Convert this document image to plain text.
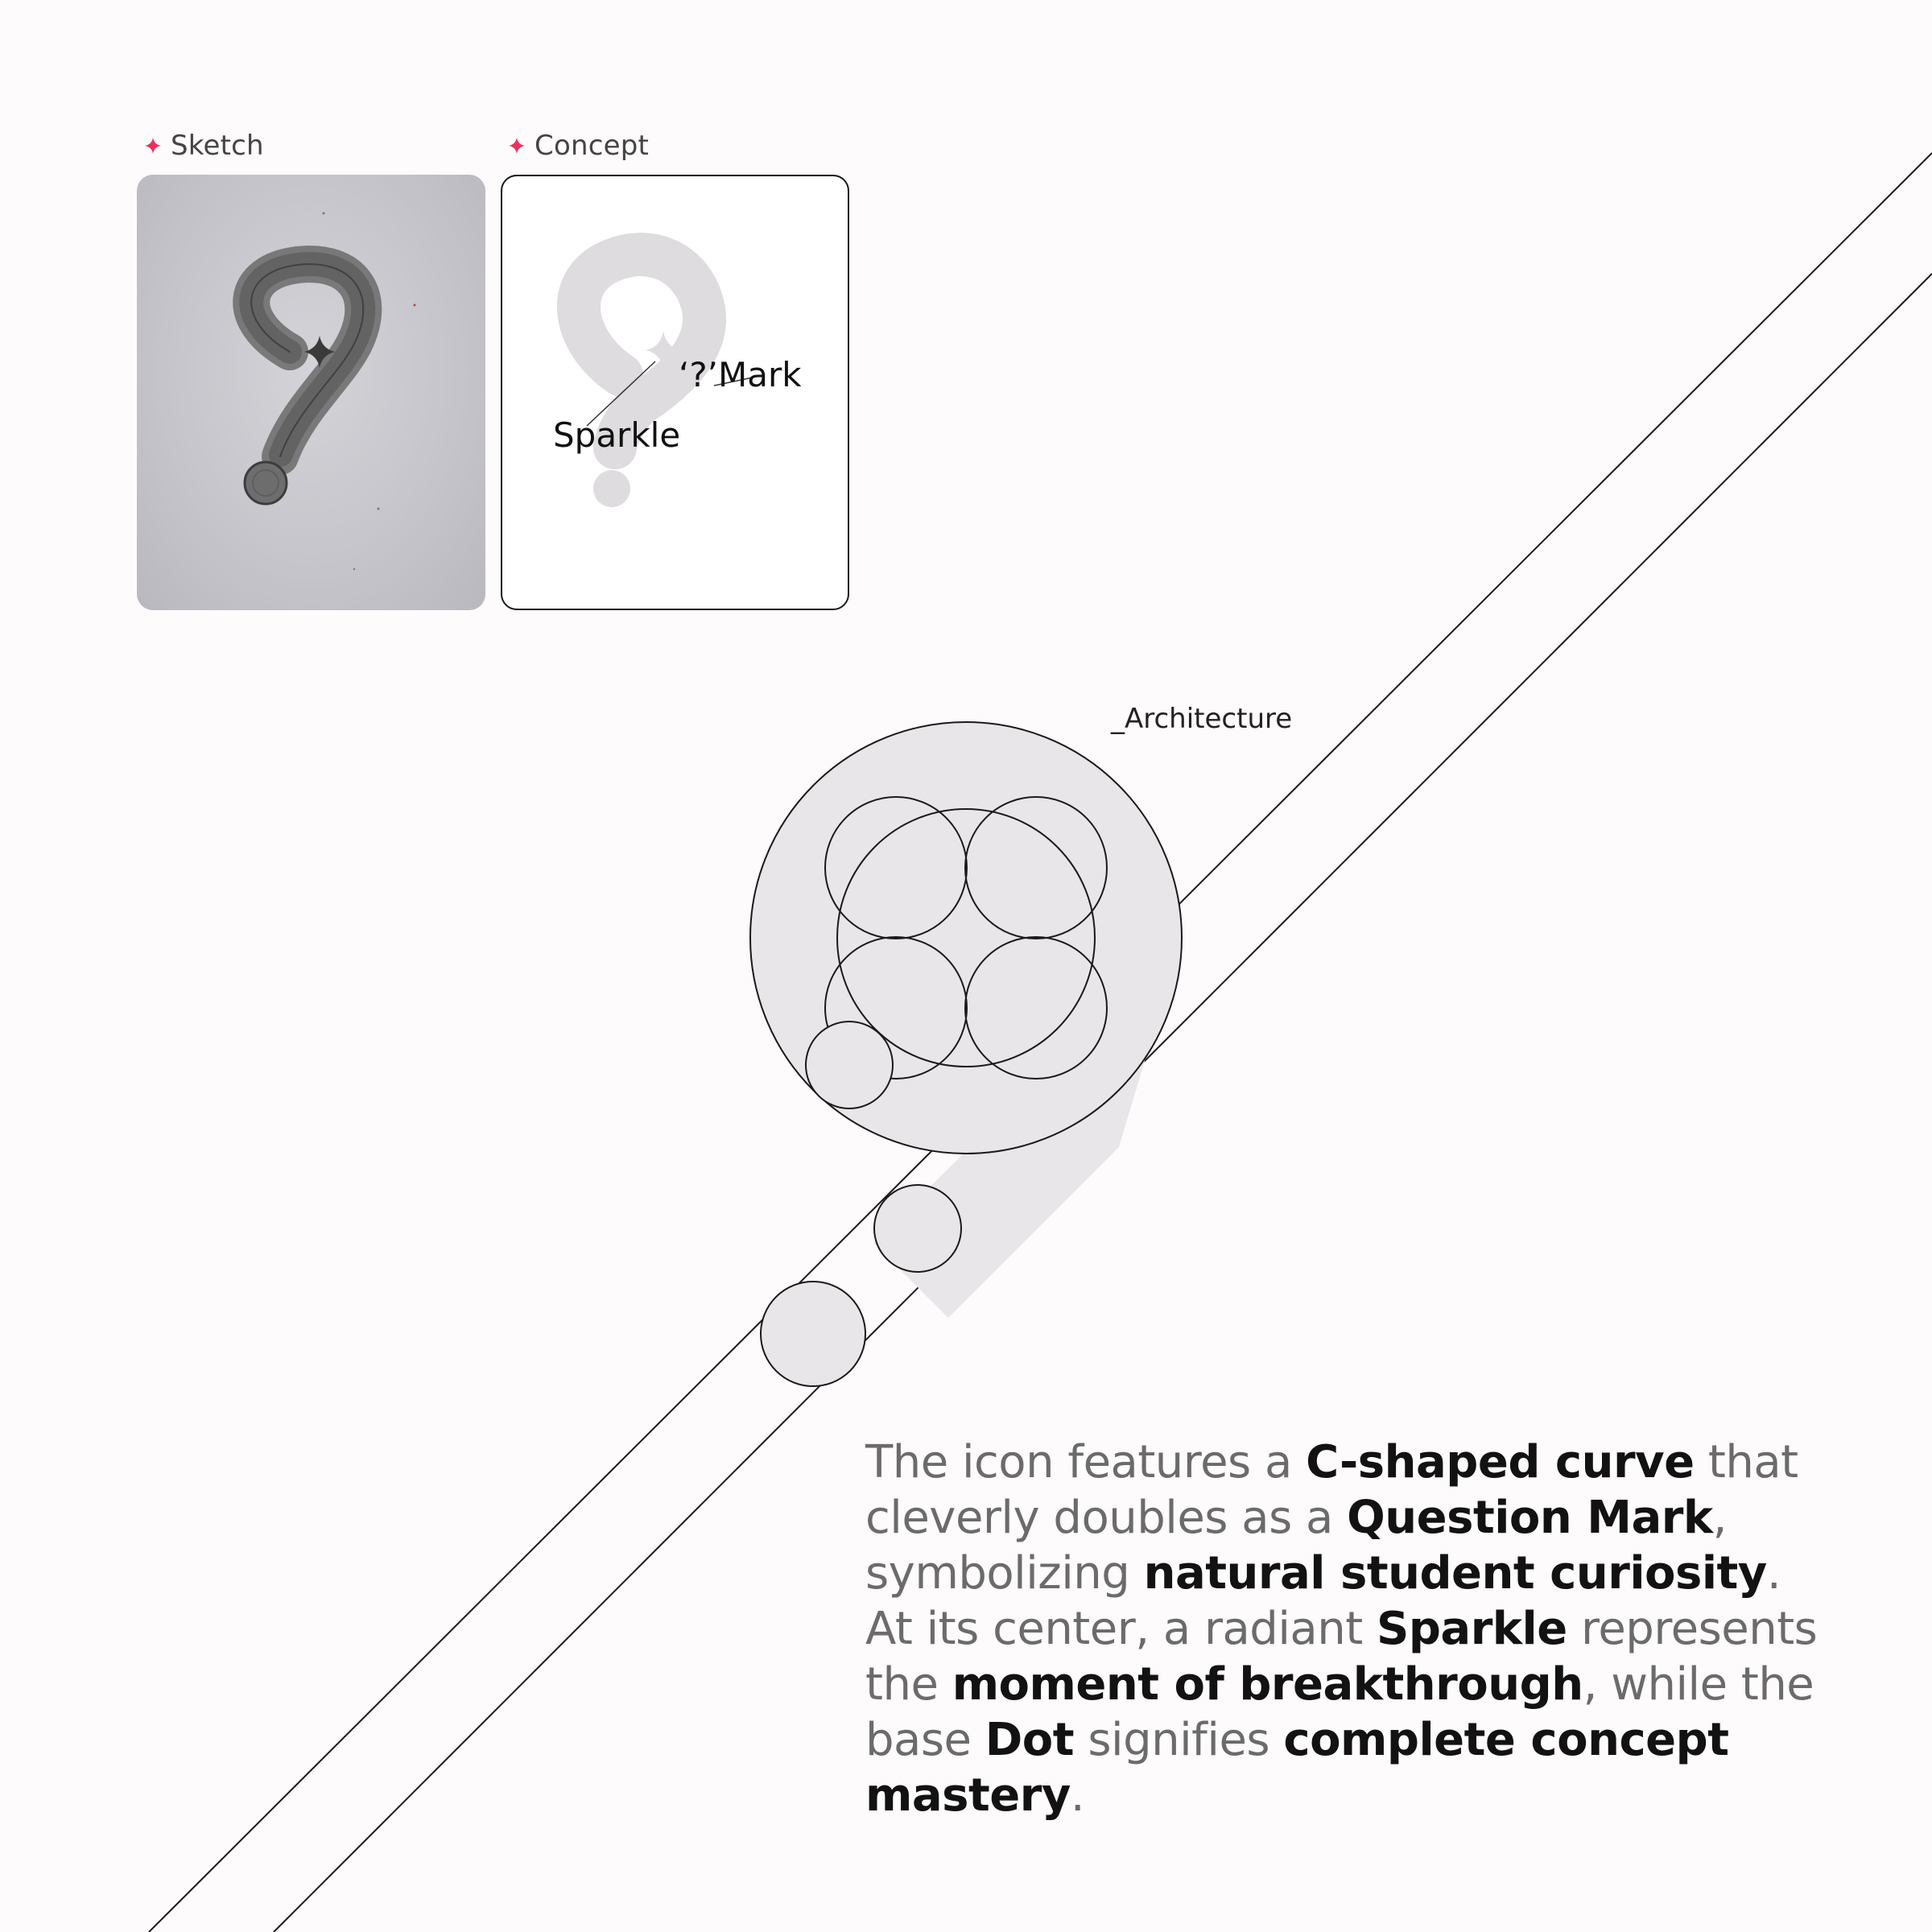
Sketch	Concept
‘?’Mark
Sparkle
_Architecture
The icon features a C-shaped curve that cleverly doubles as a Question Mark, symbolizing natural student curiosity. At its center, a radiant Sparkle represents the moment of breakthrough, while the base Dot signifies complete concept mastery.
